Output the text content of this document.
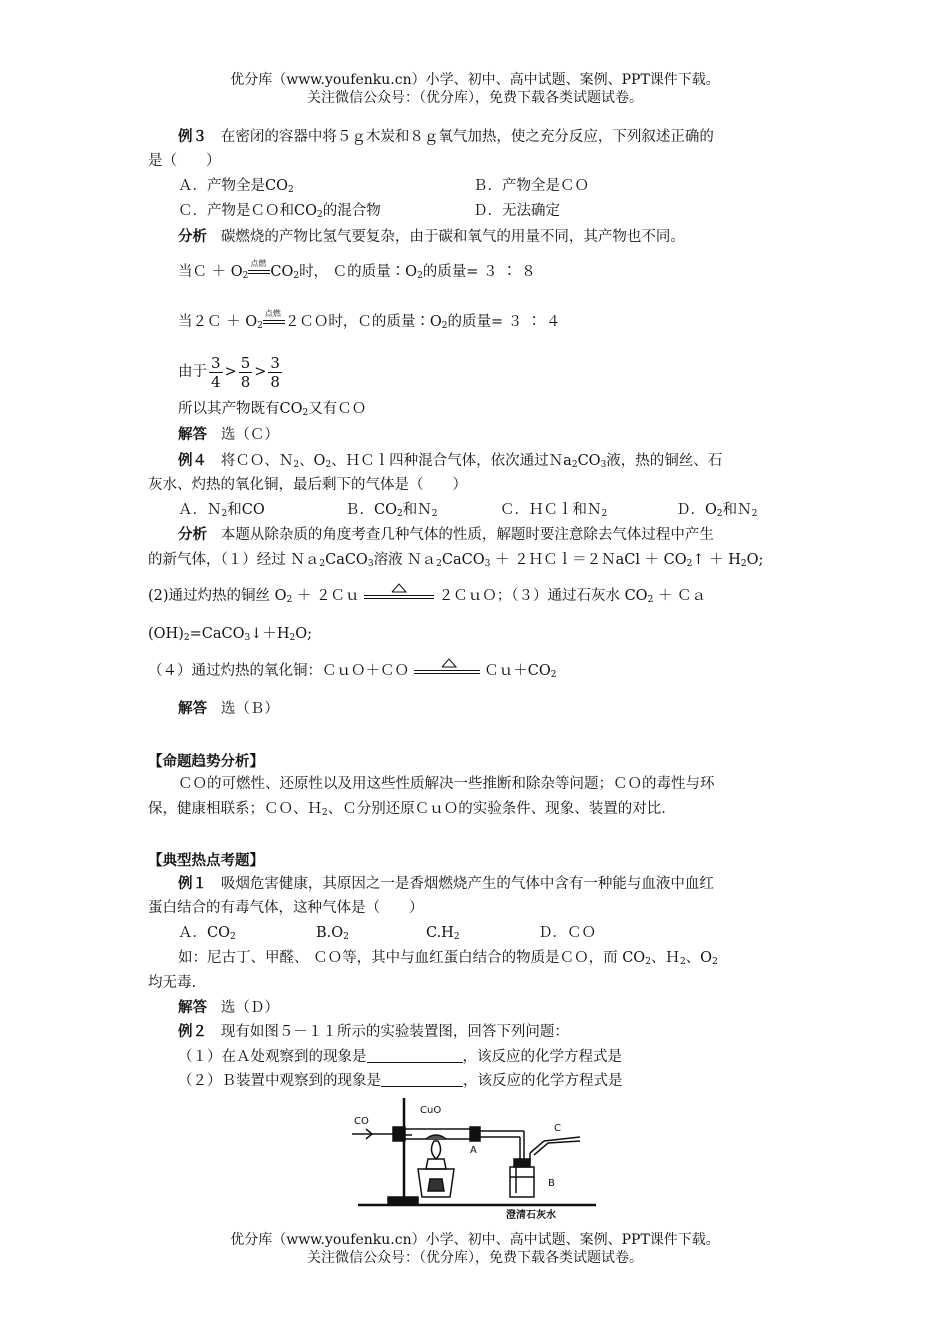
优分库（www.youfenku.cn）小学、初中、高中试题、案例、PPT课件下载。
关注微信公众号：（优分库），免费下载各类试题试卷。
例３ 在密闭的容器中将５ｇ木炭和８ｇ氧气加热，使之充分反应，下列叙述正确的
是（　　）
Ａ．产物全是$CO_2$	Ｂ．产物全是ＣＯ
Ｃ．产物是ＣＯ和$CO_2$的混合物	Ｄ．无法确定
分析 碳燃烧的产物比氢气要复杂，由于碳和氧气的用量不同，其产物也不同。
当Ｃ ＋ $O_2$
点燃
$CO_2$时， Ｃ的质量$∶O_2$的质量= ３ ∶ ８
当２Ｃ ＋ $O_2$
点燃
２ＣＯ时，Ｃ的质量$∶O_2$的质量= ３ ∶ ４
由于 $\frac{3}{4} > \frac{5}{8} > \frac{3}{8}$
所以其产物既有$CO_2$又有ＣＯ
解答 选（Ｃ）
例４ 将ＣＯ、Ｎ$_2$、$O_2$、ＨＣｌ四种混合气体，依次通过$Na_2CO_3$液，热的铜丝、石
灰水、灼热的氧化铜，最后剩下的气体是（　　）
Ａ．Ｎ$_2$和CO	Ｂ．$CO_2$和Ｎ$_2$	Ｃ．ＨＣｌ和Ｎ$_2$	Ｄ．$O_2$和Ｎ$_2$
分析 本题从除杂质的角度考查几种气体的性质，解题时要注意除去气体过程中产生
的新气体，（１）经过 Ｎａ$_2$CaCO$_3$溶液 Ｎａ$_2$CaCO$_3$ ＋ ２ＨＣｌ＝２ＮaCl ＋ $CO_2↑ + H_2O$;
(2)通过灼热的铜丝 $O_2$ ＋ ２Ｃｕ	２ＣｕＯ；（３）通过石灰水 $CO_2$ ＋ Ｃａ
$(OH)_2=CaCO_3↓+H_2O$;
（４）通过灼热的氧化铜：ＣｕＯ＋ＣＯ	$Cu+CO_2$
解答 选（Ｂ）
【命题趋势分析】
ＣＯ的可燃性、还原性以及用这些性质解决一些推断和除杂等问题；ＣＯ的毒性与环
保，健康相联系；ＣＯ、Ｈ$_2$、Ｃ分别还原ＣｕＯ的实验条件、现象、装置的对比．
【典型热点考题】
例１ 吸烟危害健康，其原因之一是香烟燃烧产生的气体中含有一种能与血液中血红
蛋白结合的有毒气体，这种气体是（　　）
Ａ．$CO_2$	$B.O_2$	$C.H_2$	Ｄ．ＣＯ
如：尼古丁、甲醛、 ＣＯ等，其中与血红蛋白结合的物质是ＣＯ，而 $CO_2$、Ｈ$_2$、$O_2$
均无毒.
解答 选（Ｄ）
例２ 现有如图５－１１所示的实验装置图，回答下列问题：
（１）在Ａ处观察到的现象是	，该反应的化学方程式是
（２）Ｂ装置中观察到的现象是	，该反应的化学方程式是
CO
CuO
A
B
C
澄清石灰水
优分库（www.youfenku.cn）小学、初中、高中试题、案例、PPT课件下载。
关注微信公众号：（优分库），免费下载各类试题试卷。
